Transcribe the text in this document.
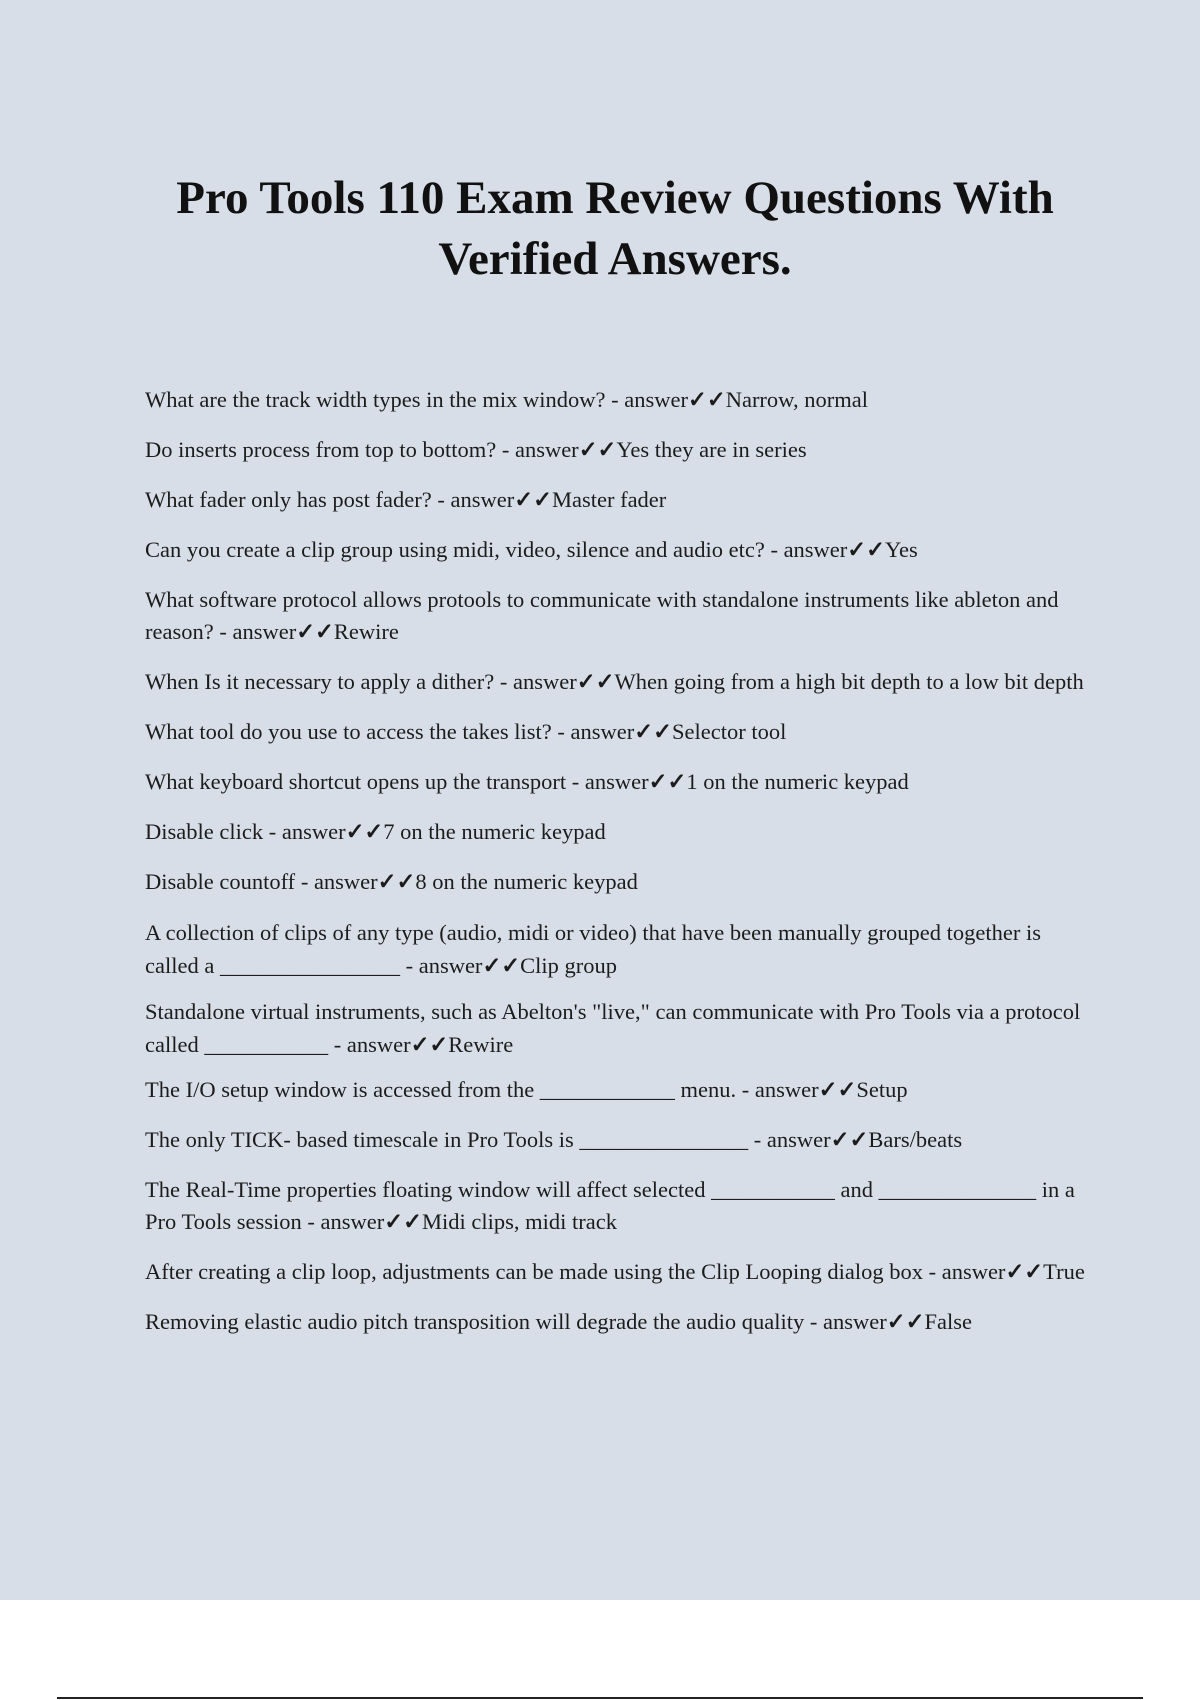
Pro Tools 110 Exam Review Questions With Verified Answers.
What are the track width types in the mix window? - answer✓✓Narrow, normal
Do inserts process from top to bottom? - answer✓✓Yes they are in series
What fader only has post fader? - answer✓✓Master fader
Can you create a clip group using midi, video, silence and audio etc? - answer✓✓Yes
What software protocol allows protools to communicate with standalone instruments like ableton and reason? - answer✓✓Rewire
When Is it necessary to apply a dither? - answer✓✓When going from a high bit depth to a low bit depth
What tool do you use to access the takes list? - answer✓✓Selector tool
What keyboard shortcut opens up the transport - answer✓✓1 on the numeric keypad
Disable click - answer✓✓7 on the numeric keypad
Disable countoff - answer✓✓8 on the numeric keypad
A collection of clips of any type (audio, midi or video) that have been manually grouped together is called a ________________ - answer✓✓Clip group
Standalone virtual instruments, such as Abelton's "live," can communicate with Pro Tools via a protocol called ___________ - answer✓✓Rewire
The I/O setup window is accessed from the ____________ menu. - answer✓✓Setup
The only TICK- based timescale in Pro Tools is _______________ - answer✓✓Bars/beats
The Real-Time properties floating window will affect selected ___________ and ______________ in a Pro Tools session - answer✓✓Midi clips, midi track
After creating a clip loop, adjustments can be made using the Clip Looping dialog box - answer✓✓True
Removing elastic audio pitch transposition will degrade the audio quality - answer✓✓False
